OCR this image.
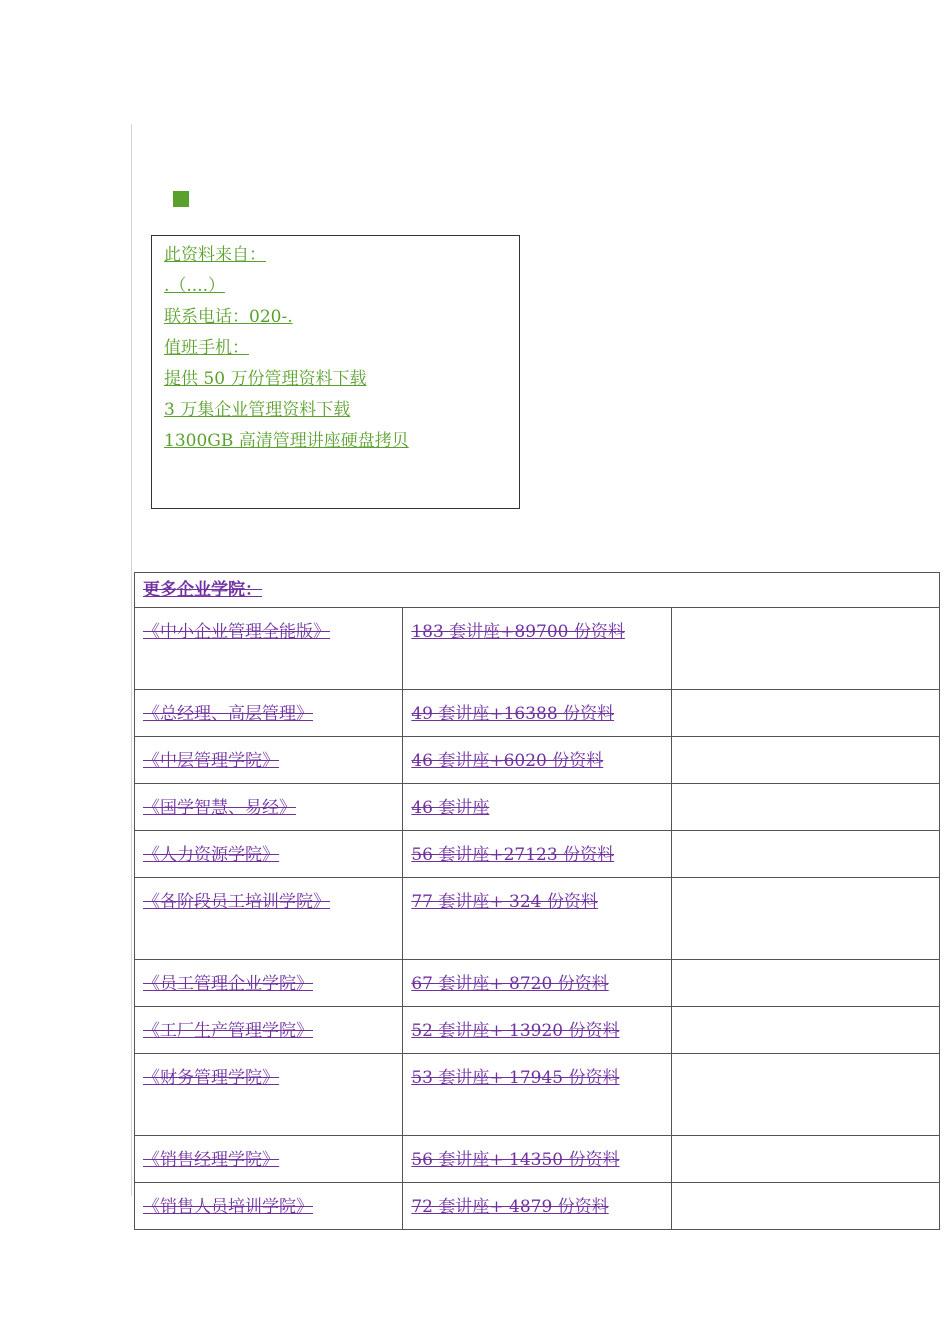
此资料来自：
.（....）
联系电话：020-.
值班手机：
提供 50 万份管理资料下载
3 万集企业管理资料下载
1300GB 高清管理讲座硬盘拷贝
更多企业学院：		
《中小企业管理全能版》	183 套讲座+89700 份资料	
《总经理、高层管理》	49 套讲座+16388 份资料	
《中层管理学院》	46 套讲座+6020 份资料	
《国学智慧、易经》	46 套讲座	
《人力资源学院》	56 套讲座+27123 份资料	
《各阶段员工培训学院》	77 套讲座+ 324 份资料	
《员工管理企业学院》	67 套讲座+ 8720 份资料	
《工厂生产管理学院》	52 套讲座+ 13920 份资料	
《财务管理学院》	53 套讲座+ 17945 份资料	
《销售经理学院》	56 套讲座+ 14350 份资料	
《销售人员培训学院》	72 套讲座+ 4879 份资料	
